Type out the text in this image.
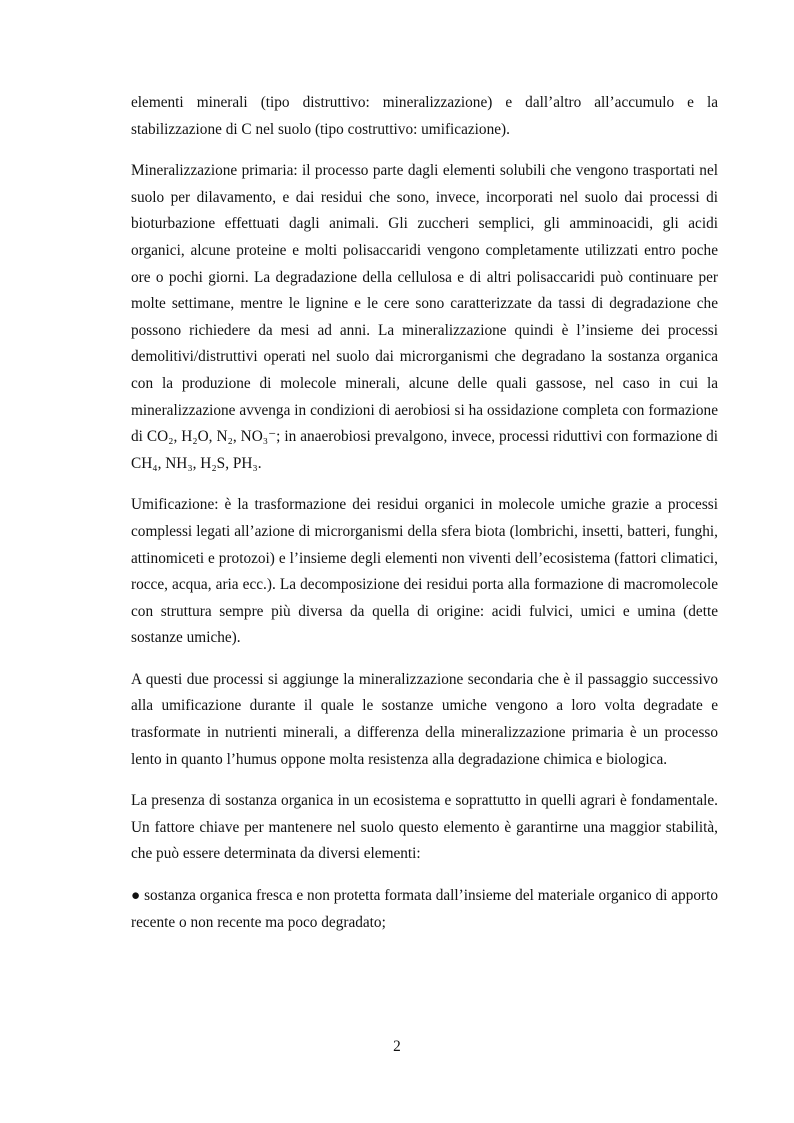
elementi minerali (tipo distruttivo: mineralizzazione) e dall’altro all’accumulo e la stabilizzazione di C nel suolo (tipo costruttivo: umificazione).

Mineralizzazione primaria: il processo parte dagli elementi solubili che vengono trasportati nel suolo per dilavamento, e dai residui che sono, invece, incorporati nel suolo dai processi di bioturbazione effettuati dagli animali. Gli zuccheri semplici, gli amminoacidi, gli acidi organici, alcune proteine e molti polisaccaridi vengono completamente utilizzati entro poche ore o pochi giorni. La degradazione della cellulosa e di altri polisaccaridi può continuare per molte settimane, mentre le lignine e le cere sono caratterizzate da tassi di degradazione che possono richiedere da mesi ad anni. La mineralizzazione quindi è l’insieme dei processi demolitivi/distruttivi operati nel suolo dai microrganismi che degradano la sostanza organica con la produzione di molecole minerali, alcune delle quali gassose, nel caso in cui la mineralizzazione avvenga in condizioni di aerobiosi si ha ossidazione completa con formazione di CO₂, H₂O, N₂, NO₃⁻; in anaerobiosi prevalgono, invece, processi riduttivi con formazione di CH₄, NH₃, H₂S, PH₃.

Umificazione: è la trasformazione dei residui organici in molecole umiche grazie a processi complessi legati all’azione di microrganismi della sfera biota (lombrichi, insetti, batteri, funghi, attinomiceti e protozoi) e l’insieme degli elementi non viventi dell’ecosistema (fattori climatici, rocce, acqua, aria ecc.). La decomposizione dei residui porta alla formazione di macromolecole con struttura sempre più diversa da quella di origine: acidi fulvici, umici e umina (dette sostanze umiche).

A questi due processi si aggiunge la mineralizzazione secondaria che è il passaggio successivo alla umificazione durante il quale le sostanze umiche vengono a loro volta degradate e trasformate in nutrienti minerali, a differenza della mineralizzazione primaria è un processo lento in quanto l’humus oppone molta resistenza alla degradazione chimica e biologica.

La presenza di sostanza organica in un ecosistema e soprattutto in quelli agrari è fondamentale. Un fattore chiave per mantenere nel suolo questo elemento è garantirne una maggior stabilità, che può essere determinata da diversi elementi:

● sostanza organica fresca e non protetta formata dall’insieme del materiale organico di apporto recente o non recente ma poco degradato;

2
